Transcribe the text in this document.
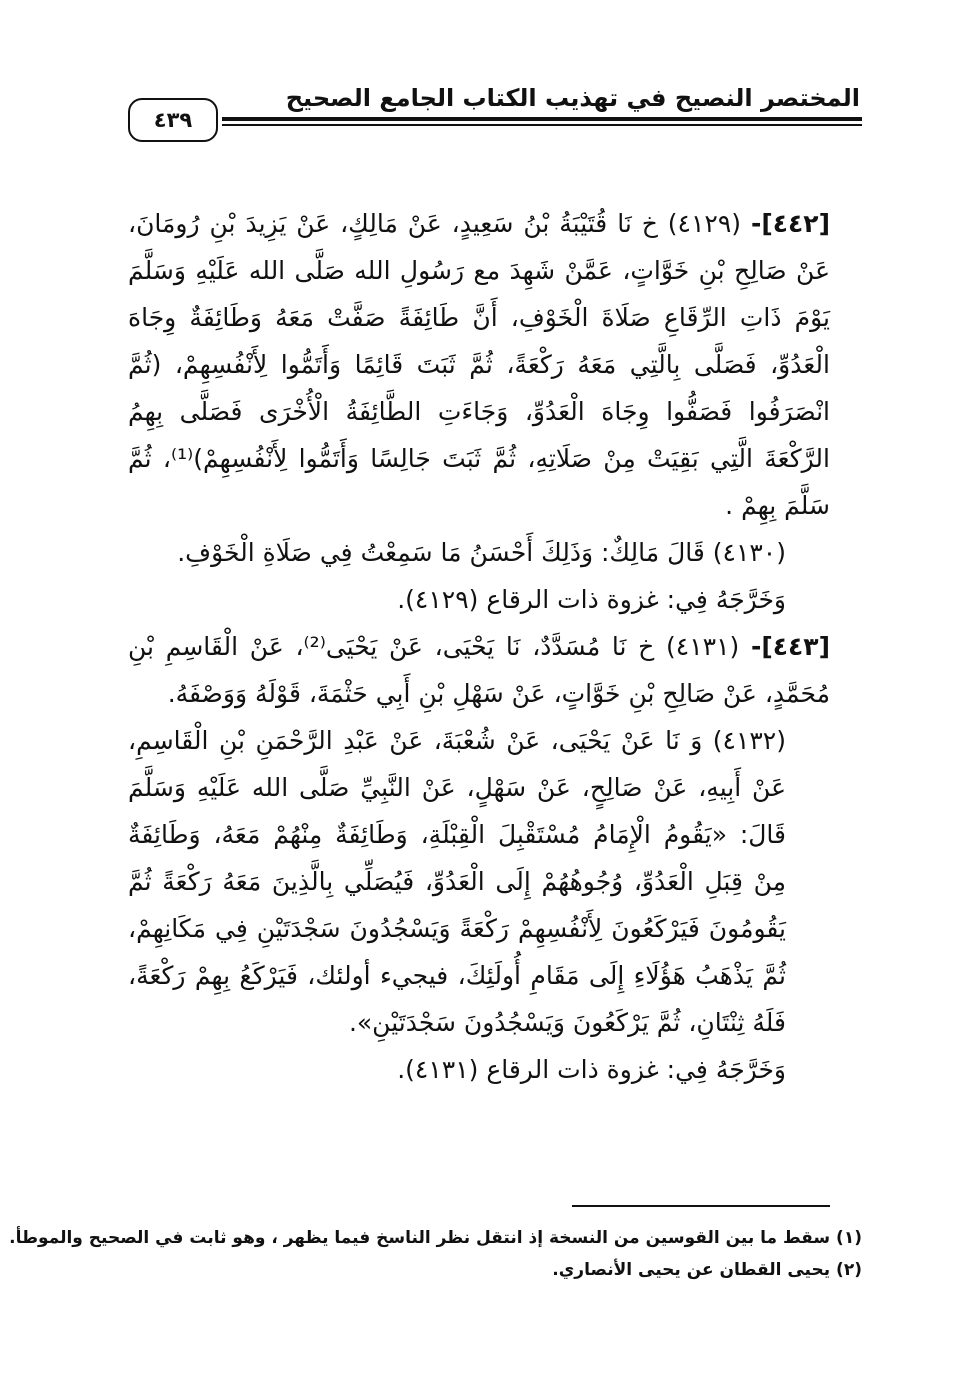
المختصر النصيح في تهذيب الكتاب الجامع الصحيح
٤٣٩

[٤٤٢]- (٤١٢٩) خ نَا قُتَيْبَةُ بْنُ سَعِيدٍ، عَنْ مَالِكٍ، عَنْ يَزِيدَ بْنِ رُومَانَ، عَنْ صَالِحِ بْنِ خَوَّاتٍ، عَمَّنْ شَهِدَ مع رَسُولِ الله صَلَّى الله عَلَيْهِ وَسَلَّمَ يَوْمَ ذَاتِ الرِّقَاعِ صَلَاةَ الْخَوْفِ، أَنَّ طَائِفَةً صَفَّتْ مَعَهُ وَطَائِفَةٌ وِجَاهَ الْعَدُوِّ، فَصَلَّى بِالَّتِي مَعَهُ رَكْعَةً، ثُمَّ ثَبَتَ قَائِمًا وَأَتَمُّوا لِأَنْفُسِهِمْ، (ثُمَّ انْصَرَفُوا فَصَفُّوا وِجَاهَ الْعَدُوِّ، وَجَاءَتِ الطَّائِفَةُ الْأُخْرَى فَصَلَّى بِهِمُ الرَّكْعَةَ الَّتِي بَقِيَتْ مِنْ صَلَاتِهِ، ثُمَّ ثَبَتَ جَالِسًا وَأَتَمُّوا لِأَنْفُسِهِمْ)⁽¹⁾، ثُمَّ سَلَّمَ بِهِمْ .

(٤١٣٠) قَالَ مَالِكٌ: وَذَلِكَ أَحْسَنُ مَا سَمِعْتُ فِي صَلَاةِ الْخَوْفِ.

وَخَرَّجَهُ فِي: غزوة ذات الرقاع (٤١٢٩).

[٤٤٣]- (٤١٣١) خ نَا مُسَدَّدٌ، نَا يَحْيَى، عَنْ يَحْيَى⁽²⁾، عَنْ الْقَاسِمِ بْنِ مُحَمَّدٍ، عَنْ صَالِحِ بْنِ خَوَّاتٍ، عَنْ سَهْلِ بْنِ أَبِي حَثْمَةَ، قَوْلَهُ وَوَصْفَهُ.

(٤١٣٢) وَ نَا عَنْ يَحْيَى، عَنْ شُعْبَةَ، عَنْ عَبْدِ الرَّحْمَنِ بْنِ الْقَاسِمِ، عَنْ أَبِيهِ، عَنْ صَالِحٍ، عَنْ سَهْلٍ، عَنْ النَّبِيِّ صَلَّى الله عَلَيْهِ وَسَلَّمَ قَالَ: «يَقُومُ الْإِمَامُ مُسْتَقْبِلَ الْقِبْلَةِ، وَطَائِفَةٌ مِنْهُمْ مَعَهُ، وَطَائِفَةٌ مِنْ قِبَلِ الْعَدُوِّ، وُجُوهُهُمْ إِلَى الْعَدُوِّ، فَيُصَلِّي بِالَّذِينَ مَعَهُ رَكْعَةً ثُمَّ يَقُومُونَ فَيَرْكَعُونَ لِأَنْفُسِهِمْ رَكْعَةً وَيَسْجُدُونَ سَجْدَتَيْنِ فِي مَكَانِهِمْ، ثُمَّ يَذْهَبُ هَؤُلَاءِ إِلَى مَقَامِ أُولَئِكَ، فيجيء أولئك، فَيَرْكَعُ بِهِمْ رَكْعَةً، فَلَهُ ثِنْتَانِ، ثُمَّ يَرْكَعُونَ وَيَسْجُدُونَ سَجْدَتَيْنِ».

وَخَرَّجَهُ فِي: غزوة ذات الرقاع (٤١٣١).

(١) سقط ما بين القوسين من النسخة إذ انتقل نظر الناسخ فيما يظهر ، وهو ثابت في الصحيح والموطأ.

(٢) يحيى القطان عن يحيى الأنصاري.
